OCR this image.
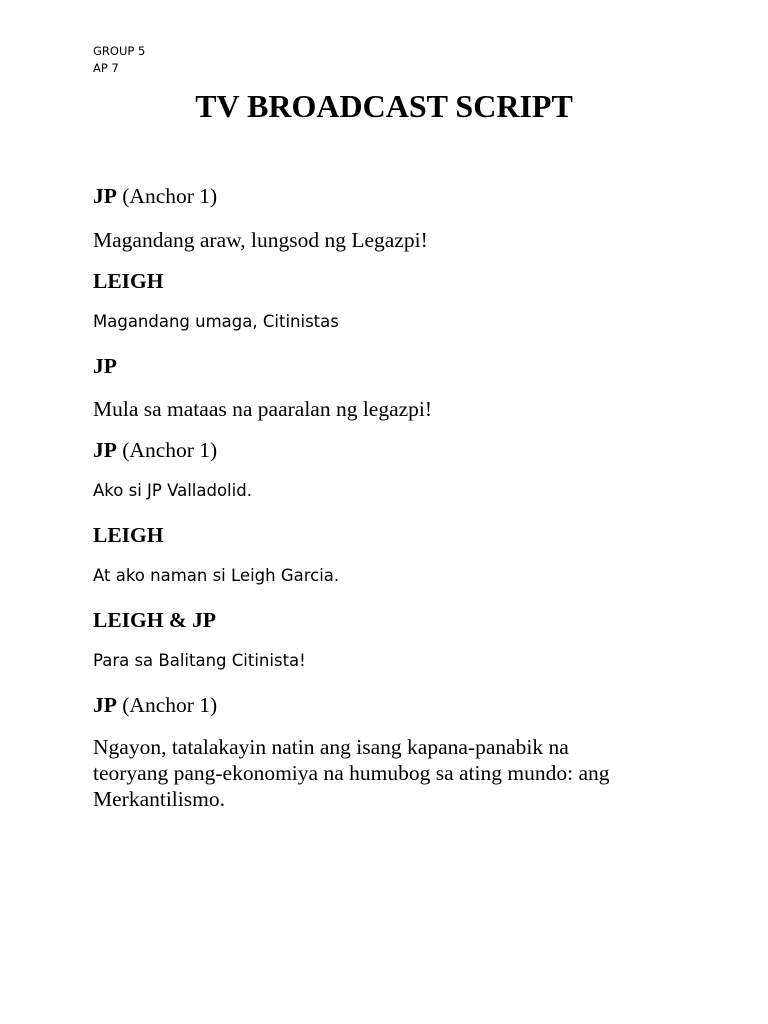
GROUP 5
AP 7
TV BROADCAST SCRIPT
JP (Anchor 1)
Magandang araw, lungsod ng Legazpi!
LEIGH
Magandang umaga, Citinistas
JP
Mula sa mataas na paaralan ng legazpi!
JP (Anchor 1)
Ako si JP Valladolid.
LEIGH
At ako naman si Leigh Garcia.
LEIGH & JP
Para sa Balitang Citinista!
JP (Anchor 1)
Ngayon, tatalakayin natin ang isang kapana-panabik na
teoryang pang-ekonomiya na humubog sa ating mundo: ang
Merkantilismo.
